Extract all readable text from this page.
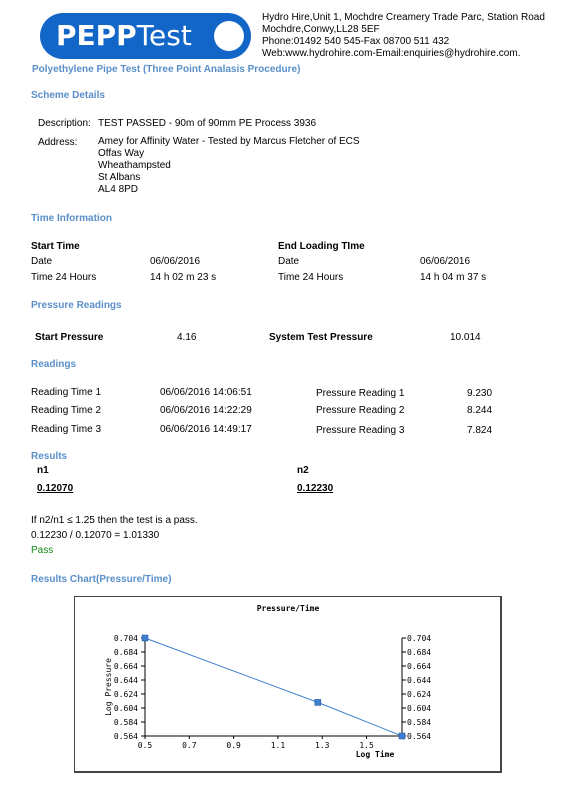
PEPPTest
Hydro Hire,Unit 1, Mochdre Creamery Trade Parc, Station Road
Mochdre,Conwy,LL28 5EF
Phone:01492 540 545-Fax 08700 511 432
Web:www.hydrohire.com-Email:enquiries@hydrohire.com.
Polyethylene Pipe Test (Three Point Analasis Procedure)
Scheme Details
Description: TEST PASSED - 90m of 90mm PE Process 3936
Address: Amey for Affinity Water - Tested by Marcus Fletcher of ECS
Offas Way
Wheathampsted
St Albans
AL4 8PD
Time Information
Start Time
Date	06/06/2016
Time 24 Hours	14 h 02 m 23 s
End Loading TIme
Date	06/06/2016
Time 24 Hours	14 h 04 m 37 s
Pressure Readings
Start Pressure	4.16	System Test Pressure	10.014
Readings
Reading Time 1	06/06/2016 14:06:51	Pressure Reading 1	9.230
Reading Time 2	06/06/2016 14:22:29	Pressure Reading 2	8.244
Reading Time 3	06/06/2016 14:49:17	Pressure Reading 3	7.824
Results
n1
0.12070
n2
0.12230
If n2/n1 ≤ 1.25 then the test is a pass.
0.12230 / 0.12070 = 1.01330
Pass
Results Chart(Pressure/Time)
Pressure/Time
Log Pressure
Log Time
0.704	0.704
0.684	0.684
0.664	0.664
0.644	0.644
0.624	0.624
0.604	0.604
0.584	0.584
0.564	0.564
0.5	0.7	0.9	1.1	1.3	1.5
